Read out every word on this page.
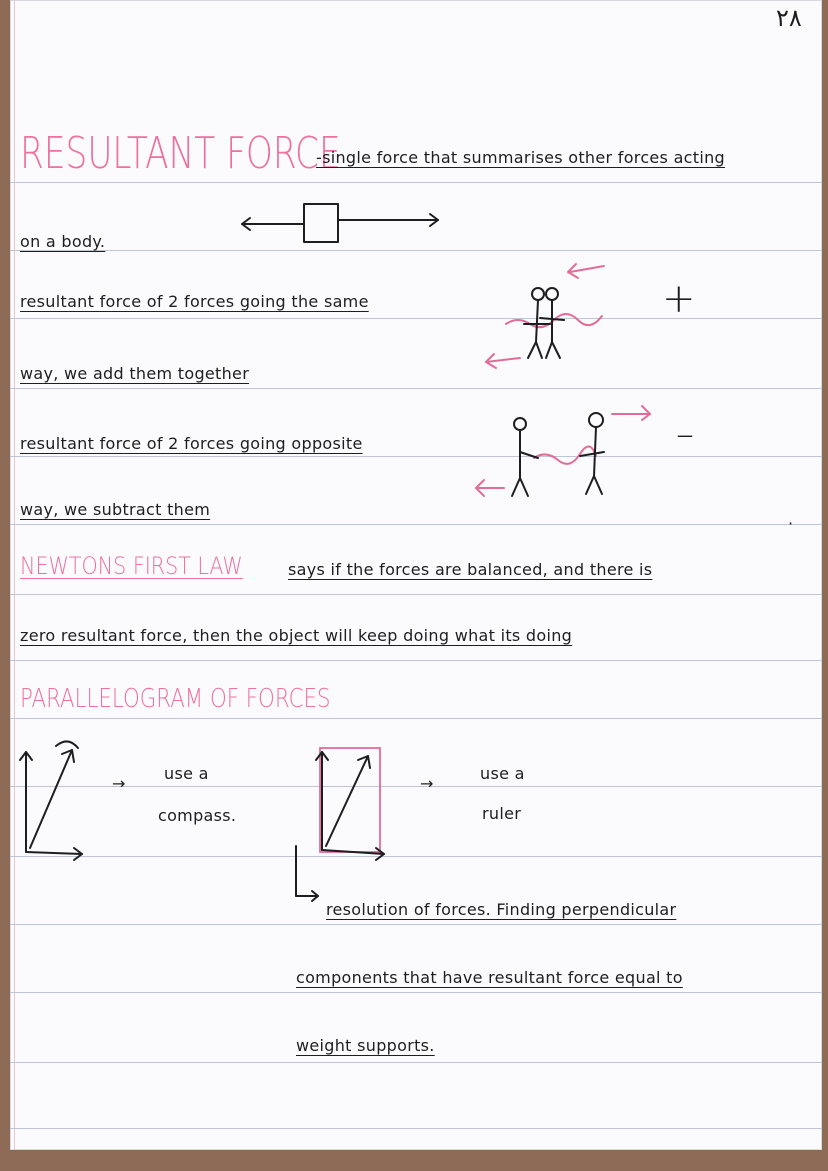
٢٨
RESULTANT FORCE
-single force that summarises other forces acting
on a body.
resultant force of 2 forces going the same
way, we add them together
+
resultant force of 2 forces going opposite
way, we subtract them
–
·
NEWTONS FIRST LAW	says if the forces are balanced, and there is
zero resultant force, then the object will keep doing what its doing
PARALLELOGRAM OF FORCES
→
use a
compass.
→
use a
ruler
resolution of forces. Finding perpendicular
components that have resultant force equal to
weight supports.
